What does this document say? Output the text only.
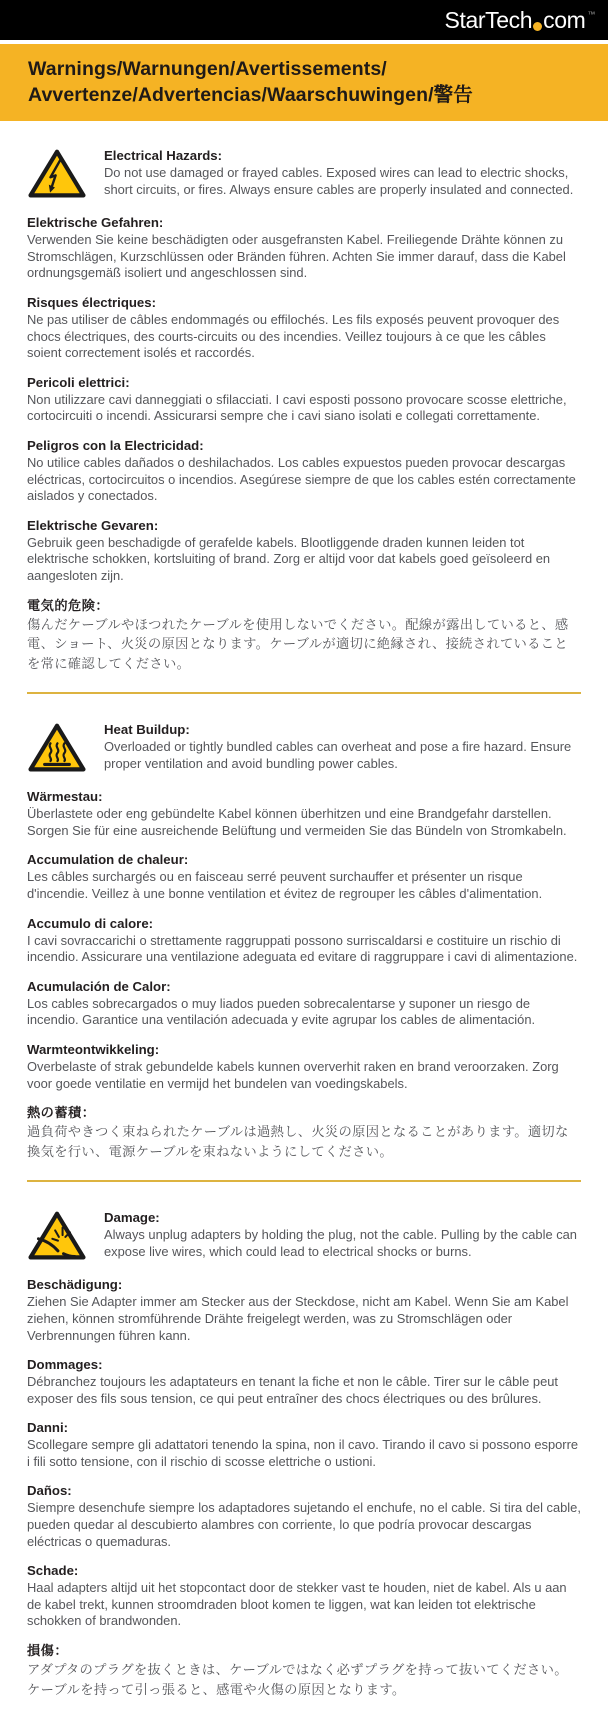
StarTech com ™
Warnings/Warnungen/Avertissements/
Avvertenze/Advertencias/Waarschuwingen/警告
Electrical Hazards:

Do not use damaged or frayed cables. Exposed wires can lead to electric shocks, short circuits, or fires. Always ensure cables are properly insulated and connected.

Elektrische Gefahren:

Verwenden Sie keine beschädigten oder ausgefransten Kabel. Freiliegende Drähte können zu Stromschlägen, Kurzschlüssen oder Bränden führen. Achten Sie immer darauf, dass die Kabel ordnungsgemäß isoliert und angeschlossen sind.

Risques électriques:

Ne pas utiliser de câbles endommagés ou effilochés. Les fils exposés peuvent provoquer des chocs électriques, des courts-circuits ou des incendies. Veillez toujours à ce que les câbles soient correctement isolés et raccordés.

Pericoli elettrici:

Non utilizzare cavi danneggiati o sfilacciati. I cavi esposti possono provocare scosse elettriche, cortocircuiti o incendi. Assicurarsi sempre che i cavi siano isolati e collegati correttamente.

Peligros con la Electricidad:

No utilice cables dañados o deshilachados. Los cables expuestos pueden provocar descargas eléctricas, cortocircuitos o incendios. Asegúrese siempre de que los cables estén correctamente aislados y conectados.

Elektrische Gevaren:

Gebruik geen beschadigde of gerafelde kabels. Blootliggende draden kunnen leiden tot elektrische schokken, kortsluiting of brand. Zorg er altijd voor dat kabels goed geïsoleerd en aangesloten zijn.

電気的危険：

傷んだケーブルやほつれたケーブルを使用しないでください。配線が露出していると、感電、ショート、火災の原因となります。ケーブルが適切に絶縁され、接続されていることを常に確認してください。

Heat Buildup:

Overloaded or tightly bundled cables can overheat and pose a fire hazard. Ensure proper ventilation and avoid bundling power cables.

Wärmestau:

Überlastete oder eng gebündelte Kabel können überhitzen und eine Brandgefahr darstellen. Sorgen Sie für eine ausreichende Belüftung und vermeiden Sie das Bündeln von Stromkabeln.

Accumulation de chaleur:

Les câbles surchargés ou en faisceau serré peuvent surchauffer et présenter un risque d'incendie. Veillez à une bonne ventilation et évitez de regrouper les câbles d'alimentation.

Accumulo di calore:

I cavi sovraccarichi o strettamente raggruppati possono surriscaldarsi e costituire un rischio di incendio. Assicurare una ventilazione adeguata ed evitare di raggruppare i cavi di alimentazione.

Acumulación de Calor:

Los cables sobrecargados o muy liados pueden sobrecalentarse y suponer un riesgo de incendio. Garantice una ventilación adecuada y evite agrupar los cables de alimentación.

Warmteontwikkeling:

Overbelaste of strak gebundelde kabels kunnen oververhit raken en brand veroorzaken. Zorg voor goede ventilatie en vermijd het bundelen van voedingskabels.

熱の蓄積：

過負荷やきつく束ねられたケーブルは過熱し、火災の原因となることがあります。適切な換気を行い、電源ケーブルを束ねないようにしてください。

Damage:

Always unplug adapters by holding the plug, not the cable. Pulling by the cable can expose live wires, which could lead to electrical shocks or burns.

Beschädigung:

Ziehen Sie Adapter immer am Stecker aus der Steckdose, nicht am Kabel. Wenn Sie am Kabel ziehen, können stromführende Drähte freigelegt werden, was zu Stromschlägen oder Verbrennungen führen kann.

Dommages:

Débranchez toujours les adaptateurs en tenant la fiche et non le câble. Tirer sur le câble peut exposer des fils sous tension, ce qui peut entraîner des chocs électriques ou des brûlures.

Danni:

Scollegare sempre gli adattatori tenendo la spina, non il cavo. Tirando il cavo si possono esporre i fili sotto tensione, con il rischio di scosse elettriche o ustioni.

Daños:

Siempre desenchufe siempre los adaptadores sujetando el enchufe, no el cable. Si tira del cable, pueden quedar al descubierto alambres con corriente, lo que podría provocar descargas eléctricas o quemaduras.

Schade:

Haal adapters altijd uit het stopcontact door de stekker vast te houden, niet de kabel. Als u aan de kabel trekt, kunnen stroomdraden bloot komen te liggen, wat kan leiden tot elektrische schokken of brandwonden.

損傷：

アダプタのプラグを抜くときは、ケーブルではなく必ずプラグを持って抜いてください。ケーブルを持って引っ張ると、感電や火傷の原因となります。
